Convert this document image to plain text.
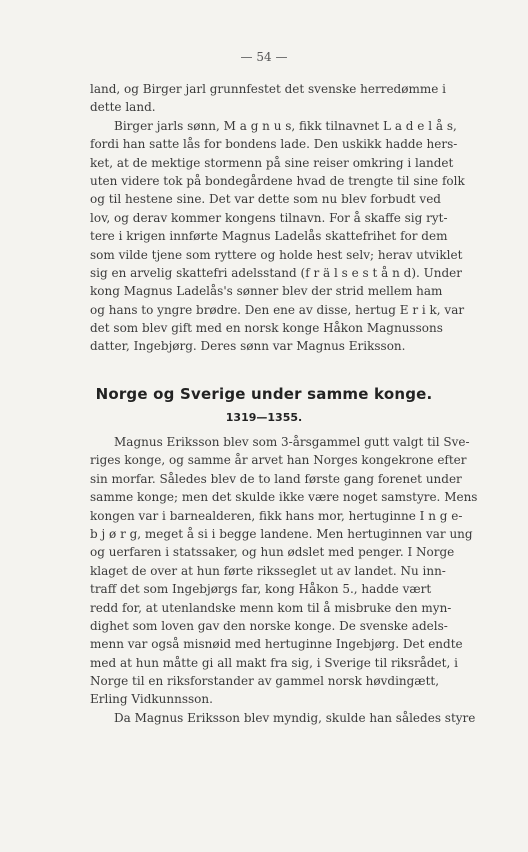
— 54 —
land, og Birger jarl grunnfestet det svenske herredømme i
dette land.
Birger jarls sønn, M a g n u s, fikk tilnavnet L a d e l å s,
fordi han satte lås for bondens lade. Den uskikk hadde hers-
ket, at de mektige stormenn på sine reiser omkring i landet
uten videre tok på bondegårdene hvad de trengte til sine folk
og til hestene sine. Det var dette som nu blev forbudt ved
lov, og derav kommer kongens tilnavn. For å skaffe sig ryt-
tere i krigen innførte Magnus Ladelås skattefrihet for dem
som vilde tjene som ryttere og holde hest selv; herav utviklet
sig en arvelig skattefri adelsstand (f r ä l s e s t å n d). Under
kong Magnus Ladelås's sønner blev der strid mellem ham
og hans to yngre brødre. Den ene av disse, hertug E r i k, var
det som blev gift med en norsk konge Håkon Magnussons
datter, Ingebjørg. Deres sønn var Magnus Eriksson.
Norge og Sverige under samme konge.
1319—1355.
Magnus Eriksson blev som 3-årsgammel gutt valgt til Sve-
riges konge, og samme år arvet han Norges kongekrone efter
sin morfar. Således blev de to land første gang forenet under
samme konge; men det skulde ikke være noget samstyre. Mens
kongen var i barnealderen, fikk hans mor, hertuginne I n g e-
b j ø r g, meget å si i begge landene. Men hertuginnen var ung
og uerfaren i statssaker, og hun ødslet med penger. I Norge
klaget de over at hun førte riksseglet ut av landet. Nu inn-
traff det som Ingebjørgs far, kong Håkon 5., hadde vært
redd for, at utenlandske menn kom til å misbruke den myn-
dighet som loven gav den norske konge. De svenske adels-
menn var også misnøid med hertuginne Ingebjørg. Det endte
med at hun måtte gi all makt fra sig, i Sverige til riksrådet, i
Norge til en riksforstander av gammel norsk høvdingætt,
Erling Vidkunnsson.
Da Magnus Eriksson blev myndig, skulde han således styre
